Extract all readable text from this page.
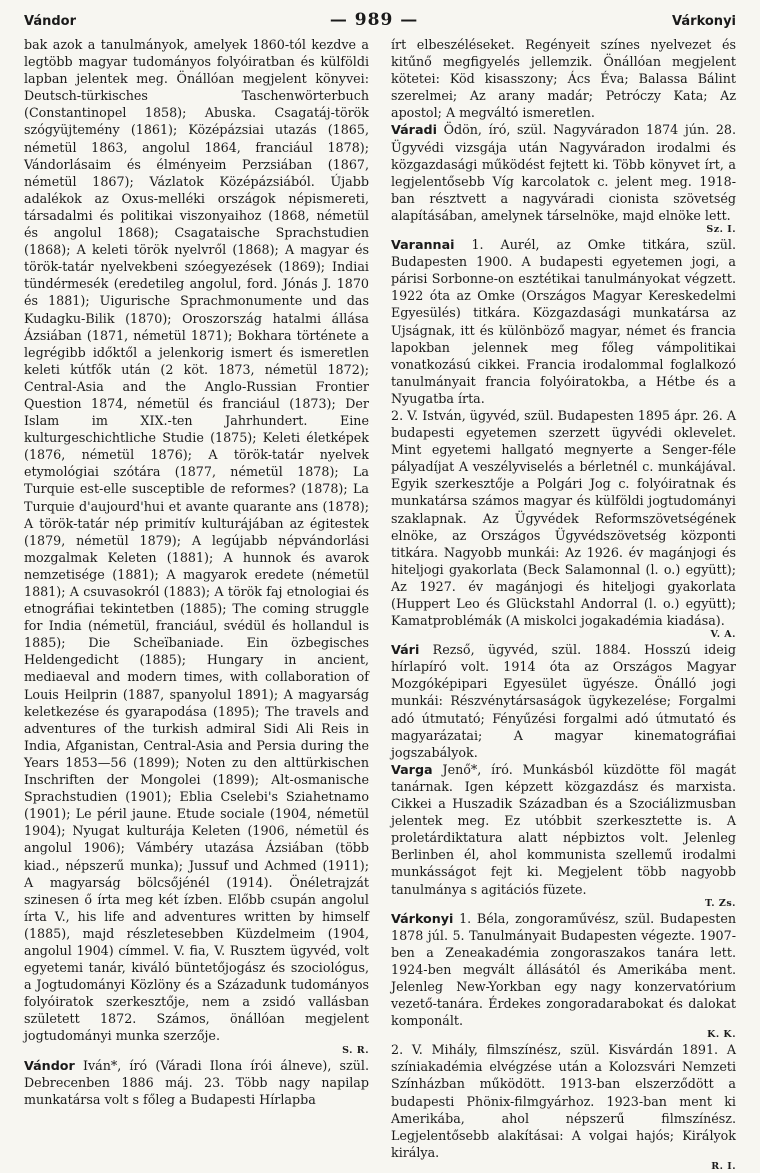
Vándor	— 989 —	Várkonyi

bak azok a tanulmányok, amelyek 1860-tól kezdve a legtöbb magyar tudományos folyóiratban és külföldi lapban jelentek meg. Önállóan megjelent könyvei: Deutsch-türkisches Taschenwörterbuch (Constantinopel 1858); Abuska. Csagatáj-török szógyüjtemény (1861); Középázsiai utazás (1865, németül 1863, angolul 1864, franciául 1878); Vándorlásaim és élményeim Perzsiában (1867, németül 1867); Vázlatok Középázsiából. Újabb adalékok az Oxus-melléki országok népismereti, társadalmi és politikai viszonyaihoz (1868, németül és angolul 1868); Csagataische Sprachstudien (1868); A keleti török nyelvről (1868); A magyar és török-tatár nyelvekbeni szóegyezések (1869); Indiai tündérmesék (eredetileg angolul, ford. Jónás J. 1870 és 1881); Uigurische Sprachmonumente und das Kudagku-Bilik (1870); Oroszország hatalmi állása Ázsiában (1871, németül 1871); Bokhara története a legrégibb időktől a jelenkorig ismert és ismeretlen keleti kútfők után (2 köt. 1873, németül 1872); Central-Asia and the Anglo-Russian Frontier Question 1874, németül és franciául (1873); Der Islam im XIX.-ten Jahrhundert. Eine kulturgeschichtliche Studie (1875); Keleti életképek (1876, németül 1876); A török-tatár nyelvek etymológiai szótára (1877, németül 1878); La Turquie est-elle susceptible de reformes? (1878); La Turquie d'aujourd'hui et avante quarante ans (1878); A török-tatár nép primitív kulturájában az égitestek (1879, németül 1879); A legújabb népvándorlási mozgalmak Keleten (1881); A hunnok és avarok nemzetisége (1881); A magyarok eredete (németül 1881); A csuvasokról (1883); A török faj etnologiai és etnográfiai tekintetben (1885); The coming struggle for India (németül, franciául, svédül és hollandul is 1885); Die Scheïbaniade. Ein özbegisches Heldengedicht (1885); Hungary in ancient, mediaeval and modern times, with collaboration of Louis Heilprin (1887, spanyolul 1891); A magyarság keletkezése és gyarapodása (1895); The travels and adventures of the turkish admiral Sidi Ali Reis in India, Afganistan, Central-Asia and Persia during the Years 1853—56 (1899); Noten zu den alttürkischen Inschriften der Mongolei (1899); Alt-osmanische Sprachstudien (1901); Eblia Cselebi's Sziahetnamo (1901); Le péril jaune. Etude sociale (1904, németül 1904); Nyugat kulturája Keleten (1906, németül és angolul 1906); Vámbéry utazása Ázsiában (több kiad., népszerű munka); Jussuf und Achmed (1911); A magyarság bölcsőjénél (1914). Önéletrajzát szinesen ő írta meg két ízben. Előbb csupán angolul írta V., his life and adventures written by himself (1885), majd részletesebben Küzdelmeim (1904, angolul 1904) címmel. V. fia, V. Rusztem ügyvéd, volt egyetemi tanár, kiváló büntetőjogász és szociológus, a Jogtudományi Közlöny és a Századunk tudományos folyóiratok szerkesztője, nem a zsidó vallásban született 1872. Számos, önállóan megjelent jogtudományi munka szerzője.
S. R.

Vándor Iván*, író (Váradi Ilona írói álneve), szül. Debrecenben 1886 máj. 23. Több nagy napilap munkatársa volt s főleg a Budapesti Hírlapba

írt elbeszéléseket. Regényeit színes nyelvezet és kitűnő megfigyelés jellemzik. Önállóan megjelent kötetei: Köd kisasszony; Ács Éva; Balassa Bálint szerelmei; Az arany madár; Petróczy Kata; Az apostol; A megváltó ismeretlen.

Váradi Ödön, író, szül. Nagyváradon 1874 jún. 28. Ügyvédi vizsgája után Nagyváradon irodalmi és közgazdasági működést fejtett ki. Több könyvet írt, a legjelentősebb Víg karcolatok c. jelent meg. 1918-ban résztvett a nagyváradi cionista szövetség alapításában, amelynek társelnöke, majd elnöke lett.
Sz. I.

Varannai 1. Aurél, az Omke titkára, szül. Budapesten 1900. A budapesti egyetemen jogi, a párisi Sorbonne-on esztétikai tanulmányokat végzett. 1922 óta az Omke (Országos Magyar Kereskedelmi Egyesülés) titkára. Közgazdasági munkatársa az Ujságnak, itt és különböző magyar, német és francia lapokban jelennek meg főleg vámpolitikai vonatkozású cikkei. Francia irodalommal foglalkozó tanulmányait francia folyóiratokba, a Hétbe és a Nyugatba írta.

2. V. István, ügyvéd, szül. Budapesten 1895 ápr. 26. A budapesti egyetemen szerzett ügyvédi oklevelet. Mint egyetemi hallgató megnyerte a Senger-féle pályadíjat A veszélyviselés a bérletnél c. munkájával. Egyik szerkesztője a Polgári Jog c. folyóiratnak és munkatársa számos magyar és külföldi jogtudományi szaklapnak. Az Ügyvédek Reformszövetségének elnöke, az Országos Ügyvédszövetség központi titkára. Nagyobb munkái: Az 1926. év magánjogi és hiteljogi gyakorlata (Beck Salamonnal (l. o.) együtt); Az 1927. év magánjogi és hiteljogi gyakorlata (Huppert Leo és Glückstahl Andorral (l. o.) együtt); Kamatproblémák (A miskolci jogakadémia kiadása).
V. A.

Vári Rezső, ügyvéd, szül. 1884. Hosszú ideig hírlapíró volt. 1914 óta az Országos Magyar Mozgóképipari Egyesület ügyésze. Önálló jogi munkái: Részvénytársaságok ügykezelése; Forgalmi adó útmutató; Fényűzési forgalmi adó útmutató és magyarázatai; A magyar kinematográfiai jogszabályok.

Varga Jenő*, író. Munkásból küzdötte föl magát tanárnak. Igen képzett közgazdász és marxista. Cikkei a Huszadik Században és a Szociálizmusban jelentek meg. Ez utóbbit szerkesztette is. A proletárdiktatura alatt népbiztos volt. Jelenleg Berlinben él, ahol kommunista szellemű irodalmi munkásságot fejt ki. Megjelent több nagyobb tanulmánya s agitációs füzete.
T. Zs.

Várkonyi 1. Béla, zongoraművész, szül. Budapesten 1878 júl. 5. Tanulmányait Budapesten végezte. 1907-ben a Zeneakadémia zongoraszakos tanára lett. 1924-ben megvált állásától és Amerikába ment. Jelenleg New-Yorkban egy nagy konzervatórium vezető-tanára. Érdekes zongoradarabokat és dalokat komponált.
K. K.

2. V. Mihály, filmszínész, szül. Kisvárdán 1891. A színiakadémia elvégzése után a Kolozsvári Nemzeti Színházban működött. 1913-ban elszerződött a budapesti Phönix-filmgyárhoz. 1923-ban ment ki Amerikába, ahol népszerű filmszínész. Legjelentősebb alakításai: A volgai hajós; Királyok királya.
R. I.
